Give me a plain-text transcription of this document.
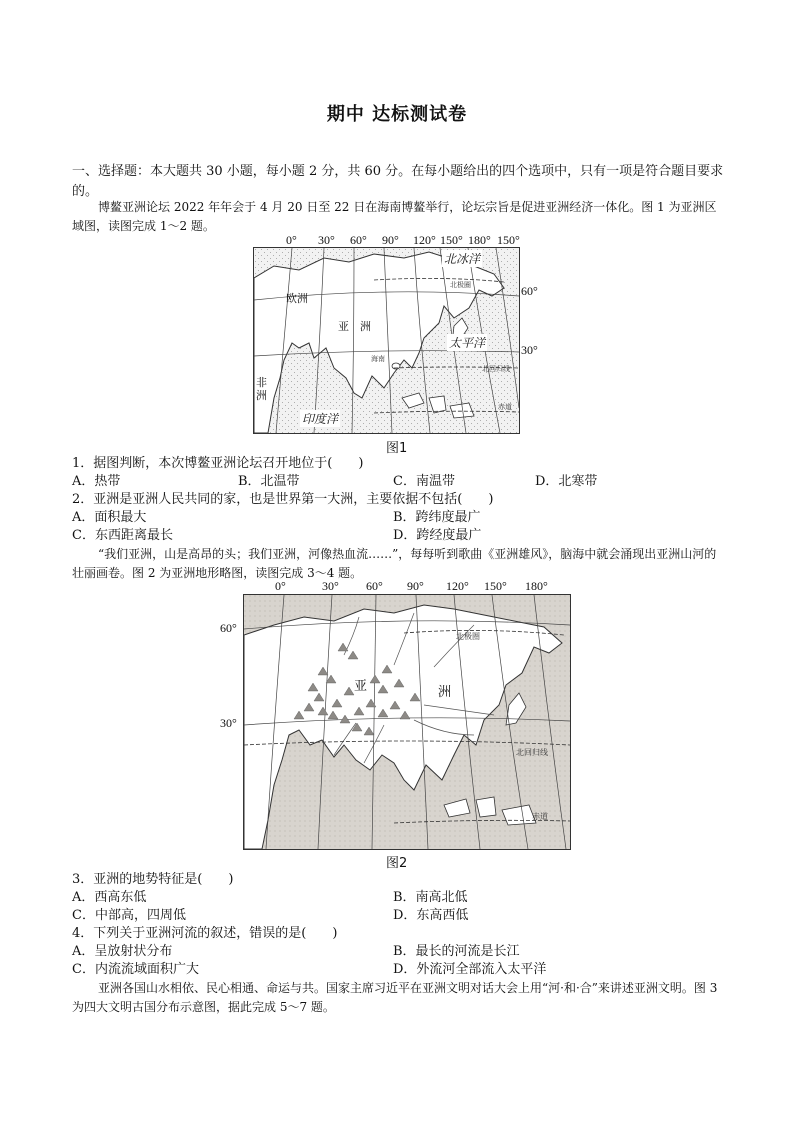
期中 达标测试卷
一、选择题：本大题共 30 小题，每小题 2 分，共 60 分。在每小题给出的四个选项中，只有一项是符合题目要求的。
博鳌亚洲论坛 2022 年年会于 4 月 20 日至 22 日在海南博鳌举行，论坛宗旨是促进亚洲经济一体化。图 1 为亚洲区域图，读图完成 1～2 题。
0° 30° 60° 90° 120° 150° 180° 150°
北冰洋
太平洋
印度洋
欧洲
亚　洲
非洲
海南
北极圈
北回归线
赤道
60°
30°
图1
1．据图判断，本次博鳌亚洲论坛召开地位于(　　)
A．热带	B．北温带	C．南温带	D．北寒带
2．亚洲是亚洲人民共同的家，也是世界第一大洲，主要依据不包括(　　)
A．面积最大	B．跨纬度最广
C．东西距离最长	D．跨经度最广
“我们亚洲，山是高昂的头；我们亚洲，河像热血流……”，每每听到歌曲《亚洲雄风》，脑海中就会涌现出亚洲山河的壮丽画卷。图 2 为亚洲地形略图，读图完成 3～4 题。
0°	30° 60° 90° 120° 150° 180°
60°
30°
亚	洲
北极圈
北回归线
赤道
图2
3．亚洲的地势特征是(　　)
A．西高东低	B．南高北低
C．中部高，四周低	D．东高西低
4．下列关于亚洲河流的叙述，错误的是(　　)
A．呈放射状分布	B．最长的河流是长江
C．内流流域面积广大	D．外流河全部流入太平洋
亚洲各国山水相依、民心相通、命运与共。国家主席习近平在亚洲文明对话大会上用“河·和·合”来讲述亚洲文明。图 3 为四大文明古国分布示意图，据此完成 5～7 题。
